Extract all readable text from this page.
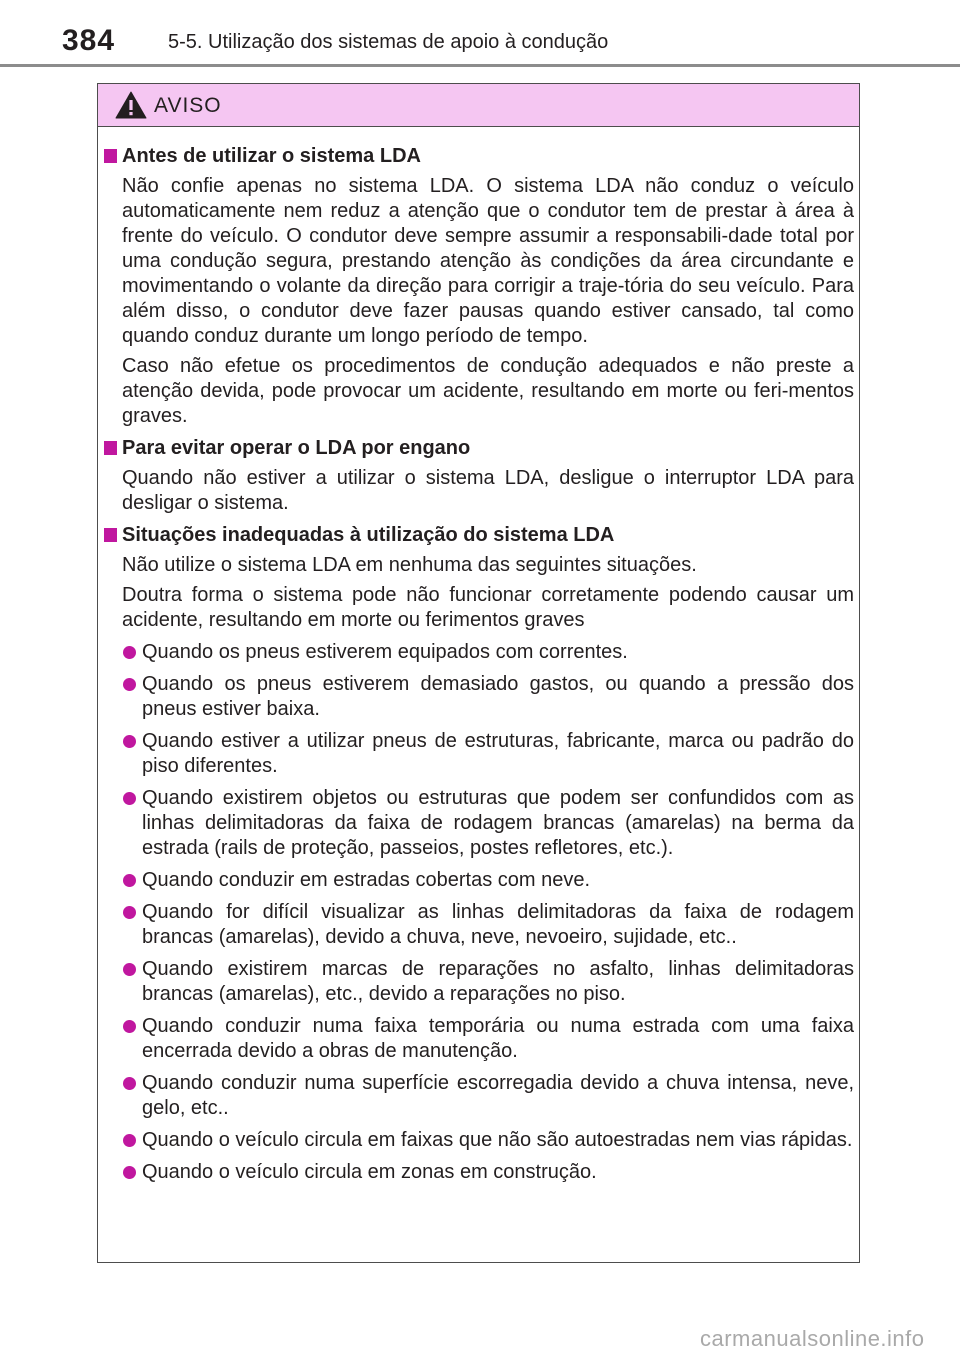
384	5-5. Utilização dos sistemas de apoio à condução
AVISO
Antes de utilizar o sistema LDA
Não confie apenas no sistema LDA. O sistema LDA não conduz o veículo automaticamente nem reduz a atenção que o condutor tem de prestar à área à frente do veículo. O condutor deve sempre assumir a responsabili-dade total por uma condução segura, prestando atenção às condições da área circundante e movimentando o volante da direção para corrigir a traje-tória do seu veículo. Para além disso, o condutor deve fazer pausas quando estiver cansado, tal como quando conduz durante um longo período de tempo.
Caso não efetue os procedimentos de condução adequados e não preste a atenção devida, pode provocar um acidente, resultando em morte ou feri-mentos graves.
Para evitar operar o LDA por engano
Quando não estiver a utilizar o sistema LDA, desligue o interruptor LDA para desligar o sistema.
Situações inadequadas à utilização do sistema LDA
Não utilize o sistema LDA em nenhuma das seguintes situações.
Doutra forma o sistema pode não funcionar corretamente podendo causar um acidente, resultando em morte ou ferimentos graves
Quando os pneus estiverem equipados com correntes.
Quando os pneus estiverem demasiado gastos, ou quando a pressão dos pneus estiver baixa.
Quando estiver a utilizar pneus de estruturas, fabricante, marca ou padrão do piso diferentes.
Quando existirem objetos ou estruturas que podem ser confundidos com as linhas delimitadoras da faixa de rodagem brancas (amarelas) na berma da estrada (rails de proteção, passeios, postes refletores, etc.).
Quando conduzir em estradas cobertas com neve.
Quando for difícil visualizar as linhas delimitadoras da faixa de rodagem brancas (amarelas), devido a chuva, neve, nevoeiro, sujidade, etc..
Quando existirem marcas de reparações no asfalto, linhas delimitadoras brancas (amarelas), etc., devido a reparações no piso.
Quando conduzir numa faixa temporária ou numa estrada com uma faixa encerrada devido a obras de manutenção.
Quando conduzir numa superfície escorregadia devido a chuva intensa, neve, gelo, etc..
Quando o veículo circula em faixas que não são autoestradas nem vias rápidas.
Quando o veículo circula em zonas em construção.
carmanualsonline.info
